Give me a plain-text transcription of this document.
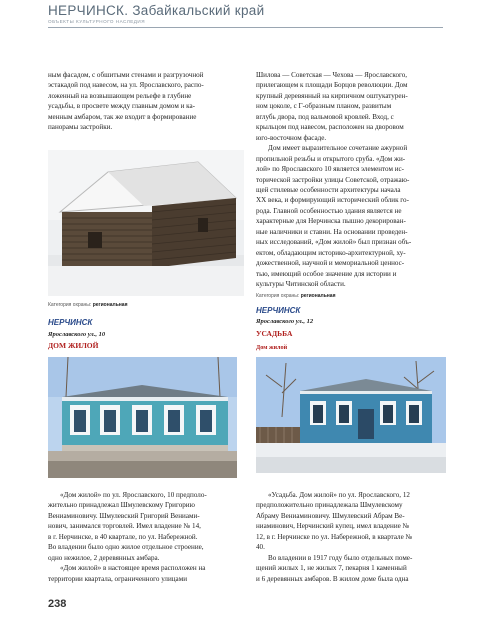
НЕРЧИНСК. Забайкальский край
ОБЪЕКТЫ КУЛЬТУРНОГО НАСЛЕДИЯ

ным фасадом, с обшитыми стенами и разгрузочной

эстакадой под навесом, на ул. Ярославского, распо-

ложенный на возвышающем рельефе в глубине

усадьбы, в просвете между главным домом и ка-

менным амбаром, так же входит в формирование

панорамы застройки.

Категория охраны: региональная
НЕРЧИНСК
Ярославского ул., 10
ДОМ ЖИЛОЙ

«Дом жилой» по ул. Ярославского, 10 предполо-

жительно принадлежал Шмулевскому Григорию

Вениаминовичу. Шмулевский Григорий Вениами-

нович, занимался торговлей. Имел владение № 14,

в г. Нерчинске, в 40 квартале, по ул. Набережной.

Во владении было одно жилое отдельное строение,

одно нежилое, 2 деревянных амбара.

«Дом жилой» в настоящее время расположен на

территории квартала, ограниченного улицами

Шилова — Советская — Чехова — Ярославского,

прилегающем к площади Борцов революции. Дом

крупный деревянный на кирпичном оштукатурен-

ном цоколе, с Г-образным планом, развитым

вглубь двора, под вальмовой кровлей. Вход, с

крыльцом под навесом, расположен на дворовом

юго-восточном фасаде.

Дом имеет выразительное сочетание ажурной

пропильной резьбы и открытого сруба. «Дом жи-

лой» по Ярославского 10 является элементом ис-

торической застройки улицы Советской, отражаю-

щей стилевые особенности архитектуры начала

XX века, и формирующий исторический облик го-

рода. Главной особенностью здания является не

характерные для Нерчинска пышно декорирован-

ные наличники и ставни. На основании проведен-

ных исследований, «Дом жилой» был признан объ-

ектом, обладающим историко-архитектурной, ху-

дожественной, научной и мемориальной ценнос-

тью, имеющий особое значение для истории и

культуры Читинской области.

Категория охраны: региональная
НЕРЧИНСК
Ярославского ул., 12
УСАДЬБА
Дом жилой

«Усадьба. Дом жилой» по ул. Ярославского, 12

предположительно принадлежала Шмулевскому

Абраму Вениаминовичу. Шмулевский Абрам Ве-

ниаминович, Нерчинский купец, имел владение №

12, в г. Нерчинске по ул. Набережной, в квартале №

40.

Во владении в 1917 году было отдельных поме-

щений жилых 1, не жилых 7, пекарня 1 каменный

и 6 деревянных амбаров. В жилом доме была одна

238
